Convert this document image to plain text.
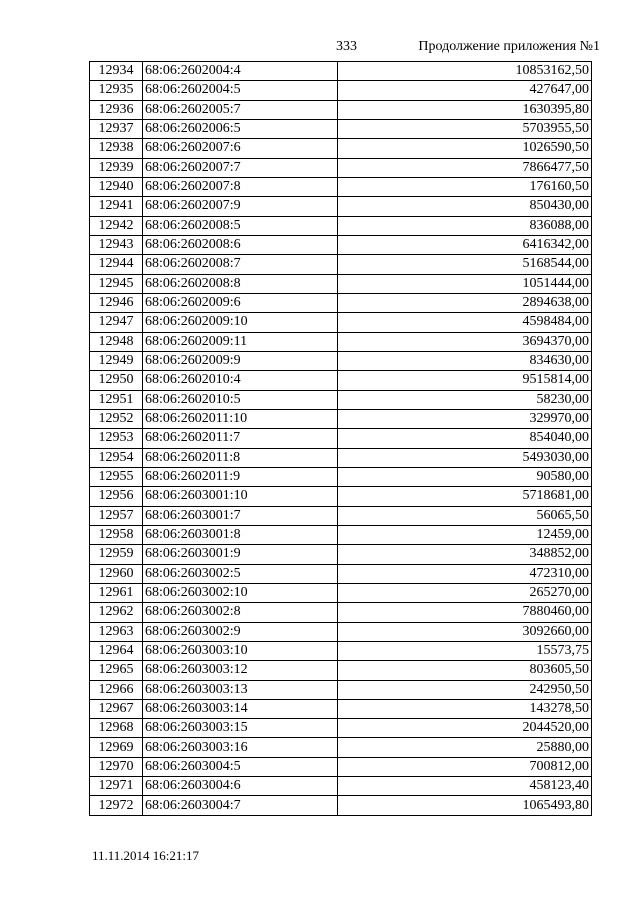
333	Продолжение приложения №1
12934	68:06:2602004:4	10853162,50
12935	68:06:2602004:5	427647,00
12936	68:06:2602005:7	1630395,80
12937	68:06:2602006:5	5703955,50
12938	68:06:2602007:6	1026590,50
12939	68:06:2602007:7	7866477,50
12940	68:06:2602007:8	176160,50
12941	68:06:2602007:9	850430,00
12942	68:06:2602008:5	836088,00
12943	68:06:2602008:6	6416342,00
12944	68:06:2602008:7	5168544,00
12945	68:06:2602008:8	1051444,00
12946	68:06:2602009:6	2894638,00
12947	68:06:2602009:10	4598484,00
12948	68:06:2602009:11	3694370,00
12949	68:06:2602009:9	834630,00
12950	68:06:2602010:4	9515814,00
12951	68:06:2602010:5	58230,00
12952	68:06:2602011:10	329970,00
12953	68:06:2602011:7	854040,00
12954	68:06:2602011:8	5493030,00
12955	68:06:2602011:9	90580,00
12956	68:06:2603001:10	5718681,00
12957	68:06:2603001:7	56065,50
12958	68:06:2603001:8	12459,00
12959	68:06:2603001:9	348852,00
12960	68:06:2603002:5	472310,00
12961	68:06:2603002:10	265270,00
12962	68:06:2603002:8	7880460,00
12963	68:06:2603002:9	3092660,00
12964	68:06:2603003:10	15573,75
12965	68:06:2603003:12	803605,50
12966	68:06:2603003:13	242950,50
12967	68:06:2603003:14	143278,50
12968	68:06:2603003:15	2044520,00
12969	68:06:2603003:16	25880,00
12970	68:06:2603004:5	700812,00
12971	68:06:2603004:6	458123,40
12972	68:06:2603004:7	1065493,80
11.11.2014 16:21:17
